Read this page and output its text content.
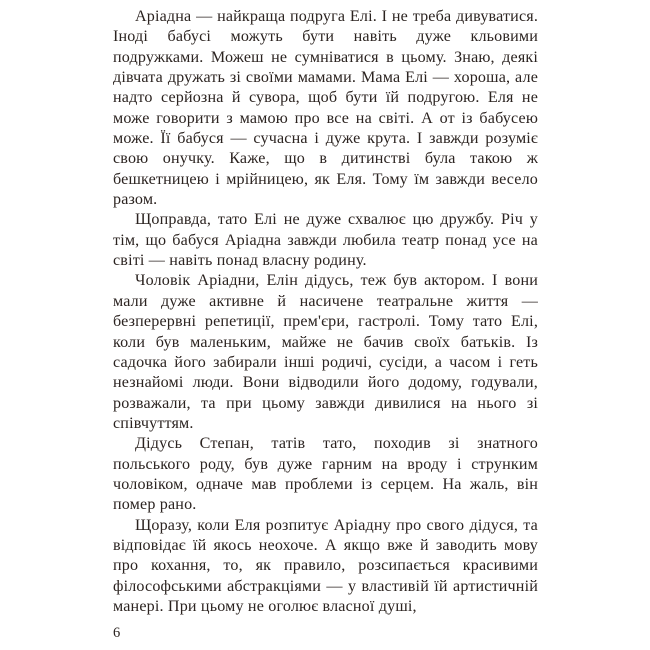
Аріадна — найкраща подруга Елі. І не треба дивуватися. Іноді бабусі можуть бути навіть дуже кльовими подружками. Можеш не сумніватися в цьому. Знаю, деякі дівчата дружать зі своїми мамами. Мама Елі — хороша, але надто серйозна й сувора, щоб бути їй подругою. Еля не може говорити з мамою про все на світі. А от із бабусею може. Її бабуся — сучасна і дуже крута. І завжди розуміє свою онучку. Каже, що в дитинстві була такою ж бешкетницею і мрійницею, як Еля. Тому їм завжди весело разом.

Щоправда, тато Елі не дуже схвалює цю дружбу. Річ у тім, що бабуся Аріадна завжди любила театр понад усе на світі — навіть понад власну родину.

Чоловік Аріадни, Елін дідусь, теж був актором. І вони мали дуже активне й насичене театральне життя — безперервні репетиції, прем'єри, гастролі. Тому тато Елі, коли був маленьким, майже не бачив своїх батьків. Із садочка його забирали інші родичі, сусіди, а часом і геть незнайомі люди. Вони відводили його додому, годували, розважали, та при цьому завжди дивилися на нього зі співчуттям.

Дідусь Степан, татів тато, походив зі знатного польського роду, був дуже гарним на вроду і струнким чоловіком, одначе мав проблеми із серцем. На жаль, він помер рано.

Щоразу, коли Еля розпитує Аріадну про свого дідуся, та відповідає їй якось неохоче. А якщо вже й заводить мову про кохання, то, як правило, розсипається красивими філософськими абстракціями — у властивій їй артистичній манері. При цьому не оголює власної душі,

6
